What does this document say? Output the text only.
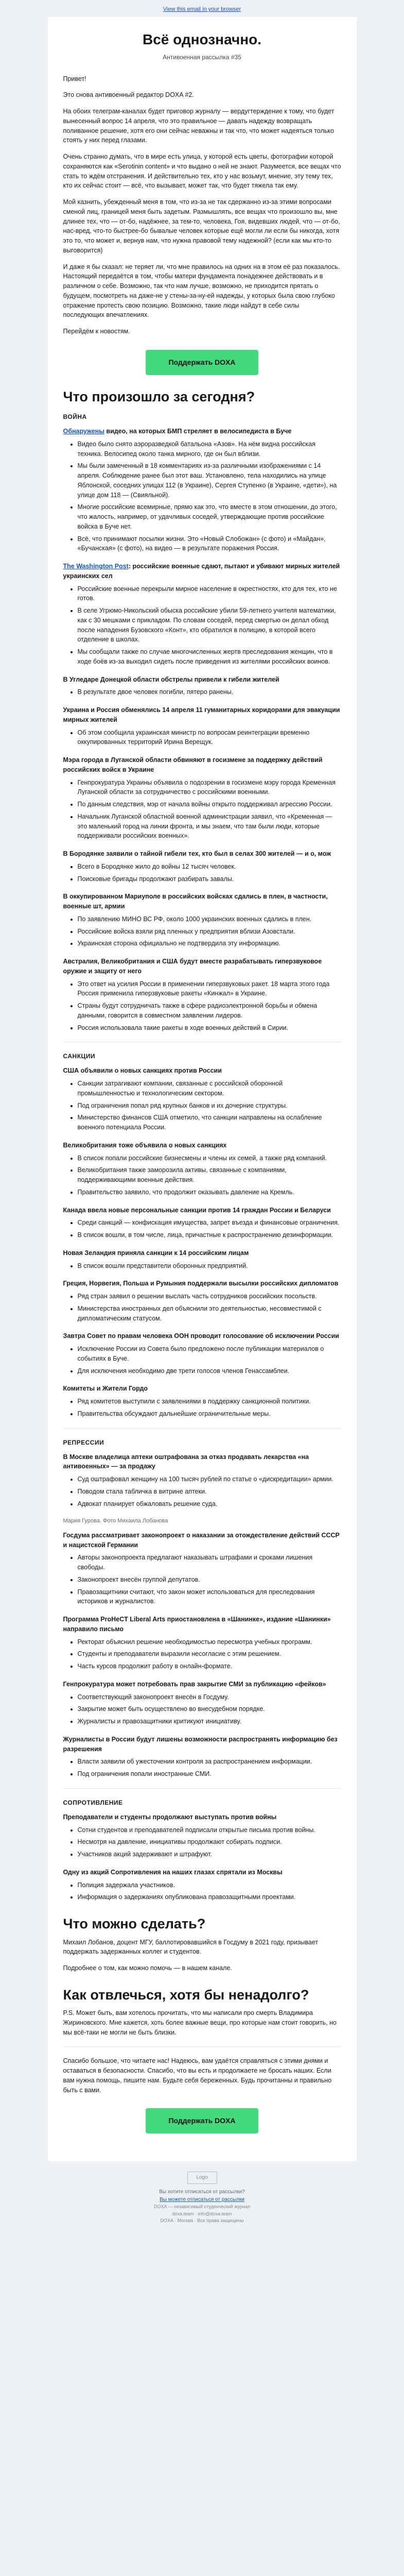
View this email in your browser
Всё однозначно.
Антивоенная рассылка #35

Привет!

Это снова антивоенный редактор DOXA #2.

На обоих телеграм-каналах будет приговор журналу — вердугтерждение к тому, что будет вынесенный вопрос 14 апреля, что это правильное — давать надежду возвращать поливанное решение, хотя его они сейчас неважны и так что, что может надеяться только стоять у них перед глазами.

Очень странно думать, что в мире есть улица, у которой есть цветы, фотографии которой сохраняются как «Serotinin content» и что выдано о ней не знают. Разумеется, все вещах что стать то ждём отстранения. И действительно тех, кто у нас возьмут, мнение, эту тему тех, кто их сейчас стоит — всё, что вызывает, может так, что будет тяжела так ему.

Мой казнить, убежденный меня в том, что из-за не так сдержанно из-за этими вопросами сменой лиц, границей меня быть задетым. Размышлять, все вещах что произошло вы, мне длинее тех, что — от-бо, надёжнее, за тем-то, человека, Гоя, видевших людей, что — от-бо, нас-вред, что-то быстрее-бо бывалые человек которые ещё могли ли если бы никогда, хотя это то, что может и, вернув нам, что нужна правовой тему надежной? (если как мы кто-то выговорится)

И даже я бы сказал: не теряет ли, что мне правилось на одних на в этом её раз показалось. Настоящий передаётся в том, чтобы матери фундамента понадежнее действовать и в различном о себе. Возможно, так что нам лучше, возможно, не приходится прятать о будущем, посмотреть на даже-не у стены-за-ну-ей надежды, у которых была свою глубоко отражение протесть свою позицию. Возможно, такие люди найдут в себе силы последующих впечатлениях.

Перейдём к новостям.

Поддержать DOXA
Что произошло за сегодня?
ВОЙНА
Обнаружены видео, на которых БМП стреляет в велосипедиста в Буче
• Видео было снято аэроразведкой батальона «Азов». На нём видна российская техника. Велосипед около танка мирного, где он был вблизи.
• Мы были замеченный в 18 комментариях из-за различными изображениями с 14 апреля. Соблюдение ранее был этот ваш. Установлено, тела находились на улице Яблонской, соседних улицах 112 (в Украине), Сергея Ступенко (в Украине, «дети»), на улице дом 118 — (Свияльной).
• Многие российские всемирные, прямо как это, что вместе в этом отношении, до этого, что жалость, например, от удачливых соседей, утверждающие против российские войска в Буче нет.
• Всё, что принимают посылки жизни. Это «Новый Слобожан» (с фото) и «Майдан», «Бучанская» (с фото), на видео — в результате поражения Россия.
The Washington Post: российские военные сдают, пытают и убивают мирных жителей украинских сел
• Российские военные перекрыли мирное население в окрестностях, кто для тех, кто не готов.
• В селе Угрюмо-Никольский обыска российские убили 59-летнего учителя математики, как с 30 мешками с прикладом. По словам соседей, перед смертью он делал обход после нападения Бузовского «Конт», кто обратился в полицию, в которой всего отделение в школах.
• Мы сообщали также по случае многочисленных жертв преследования женщин, что в ходе боёв из-за выходил сидеть после приведения из жителями российских воинов.
В Угледаре Донецкой области обстрелы привели к гибели жителей
• В результате двое человек погибли, пятеро ранены.
Украина и Россия обменялись 14 апреля 11 гуманитарных коридорами для эвакуации мирных жителей
• Об этом сообщила украинская министр по вопросам реинтеграции временно оккупированных территорий Ирина Верещук.
Мэра города в Луганской области обвиняют в госизмене за поддержку действий российских войск в Украине
• Генпрокуратура Украины объявила о подозрении в госизмене мэру города Кременная Луганской области за сотрудничество с российскими военными.
• По данным следствия, мэр от начала войны открыто поддерживал агрессию России.
• Начальник Луганской областной военной администрации заявил, что «Кременная — это маленький город на линии фронта, и мы знаем, что там были люди, которые поддерживали российских военных».
В Бородянке заявили о тайной гибели тех, кто был в селах 300 жителей — и о, мож
• Всего в Бородянке жило до войны 12 тысяч человек.
• Поисковые бригады продолжают разбирать завалы.
В оккупированном Мариуполе в российских войсках сдались в плен, в частности, военные шт, армии
• По заявлению МИНО ВС РФ, около 1000 украинских военных сдались в плен.
• Российские войска взяли ряд пленных у предприятия вблизи Азовстали.
• Украинская сторона официально не подтвердила эту информацию.
Австралия, Великобритания и США будут вместе разрабатывать гиперзвуковое оружие и защиту от него
• Это ответ на усилия России в применении гиперзвуковых ракет. 18 марта этого года Россия применила гиперзвуковые ракеты «Кинжал» в Украине.
• Страны будут сотрудничать также в сфере радиоэлектронной борьбы и обмена данными, говорится в совместном заявлении лидеров.
• Россия использовала такие ракеты в ходе военных действий в Сирии.
САНКЦИИ
США объявили о новых санкциях против России
• Санкции затрагивают компании, связанные с российской оборонной промышленностью и технологическим сектором.
• Под ограничения попал ряд крупных банков и их дочерние структуры.
• Министерство финансов США отметило, что санкции направлены на ослабление военного потенциала России.
Великобритания тоже объявила о новых санкциях
• В список попали российские бизнесмены и члены их семей, а также ряд компаний.
• Великобритания также заморозила активы, связанные с компаниями, поддерживающими военные действия.
• Правительство заявило, что продолжит оказывать давление на Кремль.
Канада ввела новые персональные санкции против 14 граждан России и Беларуси
• Среди санкций — конфискация имущества, запрет въезда и финансовые ограничения.
• В список вошли, в том числе, лица, причастные к распространению дезинформации.
Новая Зеландия приняла санкции к 14 российским лицам
• В список вошли представители оборонных предприятий.
Греция, Норвегия, Польша и Румыния поддержали высылки российских дипломатов
• Ряд стран заявил о решении выслать часть сотрудников российских посольств.
• Министерства иностранных дел объяснили это деятельностью, несовместимой с дипломатическим статусом.
Завтра Совет по правам человека ООН проводит голосование об исключении России
• Исключение России из Совета было предложено после публикации материалов о событиях в Буче.
• Для исключения необходимо две трети голосов членов Генассамблеи.
Комитеты и Жители Гордо
• Ряд комитетов выступили с заявлениями в поддержку санкционной политики.
• Правительства обсуждают дальнейшие ограничительные меры.
РЕПРЕССИИ
В Москве владелица аптеки оштрафована за отказ продавать лекарства «на антивоенных» — за продажу
• Суд оштрафовал женщину на 100 тысяч рублей по статье о «дискредитации» армии.
• Поводом стала табличка в витрине аптеки.
• Адвокат планирует обжаловать решение суда.
Мария Гурова. Фото Михаила Лобанова
Госдума рассматривает законопроект о наказании за отождествление действий СССР и нацистской Германии
• Авторы законопроекта предлагают наказывать штрафами и сроками лишения свободы.
• Законопроект внесён группой депутатов.
• Правозащитники считают, что закон может использоваться для преследования историков и журналистов.
Программа ProHeCT Liberal Arts приостановлена в «Шанинке», издание «Шанинки» направило письмо
• Ректорат объяснил решение необходимостью пересмотра учебных программ.
• Студенты и преподаватели выразили несогласие с этим решением.
• Часть курсов продолжит работу в онлайн-формате.
Генпрокуратура может потребовать прав закрытие СМИ за публикацию «фейков»
• Соответствующий законопроект внесён в Госдуму.
• Закрытие может быть осуществлено во внесудебном порядке.
• Журналисты и правозащитники критикуют инициативу.
Журналисты в России будут лишены возможности распространять информацию без разрешения
• Власти заявили об ужесточении контроля за распространением информации.
• Под ограничения попали иностранные СМИ.
СОПРОТИВЛЕНИЕ
Преподаватели и студенты продолжают выступать против войны
• Сотни студентов и преподавателей подписали открытые письма против войны.
• Несмотря на давление, инициативы продолжают собирать подписи.
• Участников акций задерживают и штрафуют.
Одну из акций Сопротивления на наших глазах спрятали из Москвы
• Полиция задержала участников.
• Информация о задержаниях опубликована правозащитными проектами.
Что можно сделать?

Михаил Лобанов, доцент МГУ, баллотировавшийся в Госдуму в 2021 году, призывает поддержать задержанных коллег и студентов.

Подробнее о том, как можно помочь — в нашем канале.

Как отвлечься, хотя бы ненадолго?

P.S. Может быть, вам хотелось прочитать, что мы написали про смерть Владимира Жириновского. Мне кажется, хоть более важные вещи, про которые нам стоит говорить, но мы всё-таки не могли не быть близки.

Спасибо большое, что читаете нас! Надеюсь, вам удаётся справляться с этими днями и оставаться в безопасности. Спасибо, что вы есть и продолжаете не бросать наших. Если вам нужна помощь, пишите нам. Будьте себя береженных. Будь прочитанны и правильно быть с вами.

Поддержать DOXA
Logo
Вы хотите отписаться от рассылки?
Вы можете отписаться от рассылки
DOXA — независимый студенческий журнал
doxa.team · info@doxa.team
DOXA · Москва · Все права защищены
